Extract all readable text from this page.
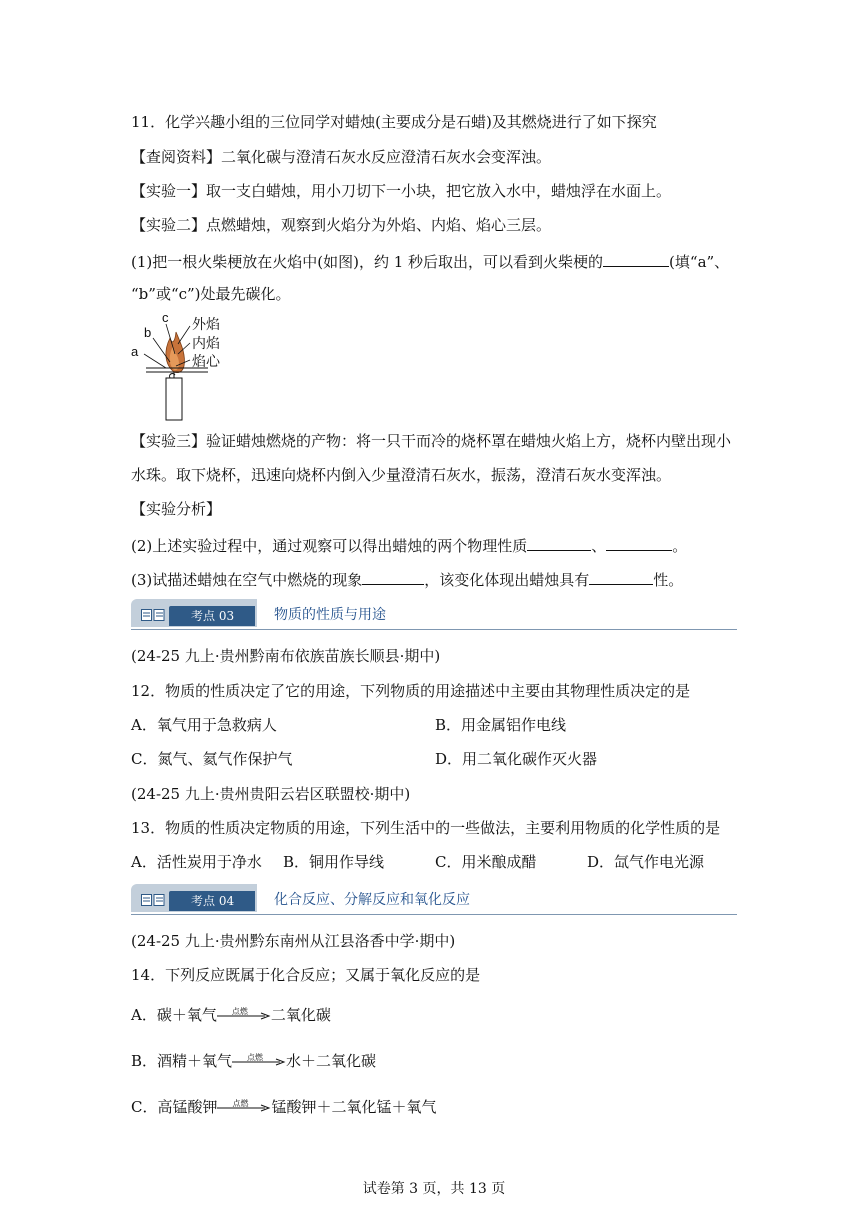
11．化学兴趣小组的三位同学对蜡烛(主要成分是石蜡)及其燃烧进行了如下探究
【查阅资料】二氧化碳与澄清石灰水反应澄清石灰水会变浑浊。
【实验一】取一支白蜡烛，用小刀切下一小块，把它放入水中，蜡烛浮在水面上。
【实验二】点燃蜡烛，观察到火焰分为外焰、内焰、焰心三层。
(1)把一根火柴梗放在火焰中(如图)，约 1 秒后取出，可以看到火柴梗的	(填“a”、
“b”或“c”)处最先碳化。
a
b
c 外焰
内焰
焰心
【实验三】验证蜡烛燃烧的产物：将一只干而冷的烧杯罩在蜡烛火焰上方，烧杯内壁出现小
水珠。取下烧杯，迅速向烧杯内倒入少量澄清石灰水，振荡，澄清石灰水变浑浊。
【实验分析】
(2)上述实验过程中，通过观察可以得出蜡烛的两个物理性质	、	。
(3)试描述蜡烛在空气中燃烧的现象	，该变化体现出蜡烛具有	性。
考点 03	物质的性质与用途
(24-25 九上·贵州黔南布依族苗族长顺县·期中)
12．物质的性质决定了它的用途，下列物质的用途描述中主要由其物理性质决定的是
A．氧气用于急救病人	B．用金属铝作电线
C．氮气、氦气作保护气	D．用二氧化碳作灭火器
(24-25 九上·贵州贵阳云岩区联盟校·期中)
13．物质的性质决定物质的用途，下列生活中的一些做法，主要利用物质的化学性质的是
A．活性炭用于净水 B．铜用作导线	C．用米酿成醋	D．氙气作电光源
考点 04	化合反应、分解反应和氧化反应
(24-25 九上·贵州黔东南州从江县洛香中学·期中)
14．下列反应既属于化合反应；又属于氧化反应的是
A．碳＋氧气	点燃	二氧化碳
B．酒精＋氧气	点燃	水＋二氧化碳
C．高锰酸钾	点燃	锰酸钾＋二氧化锰＋氧气
试卷第 3 页，共 13 页
